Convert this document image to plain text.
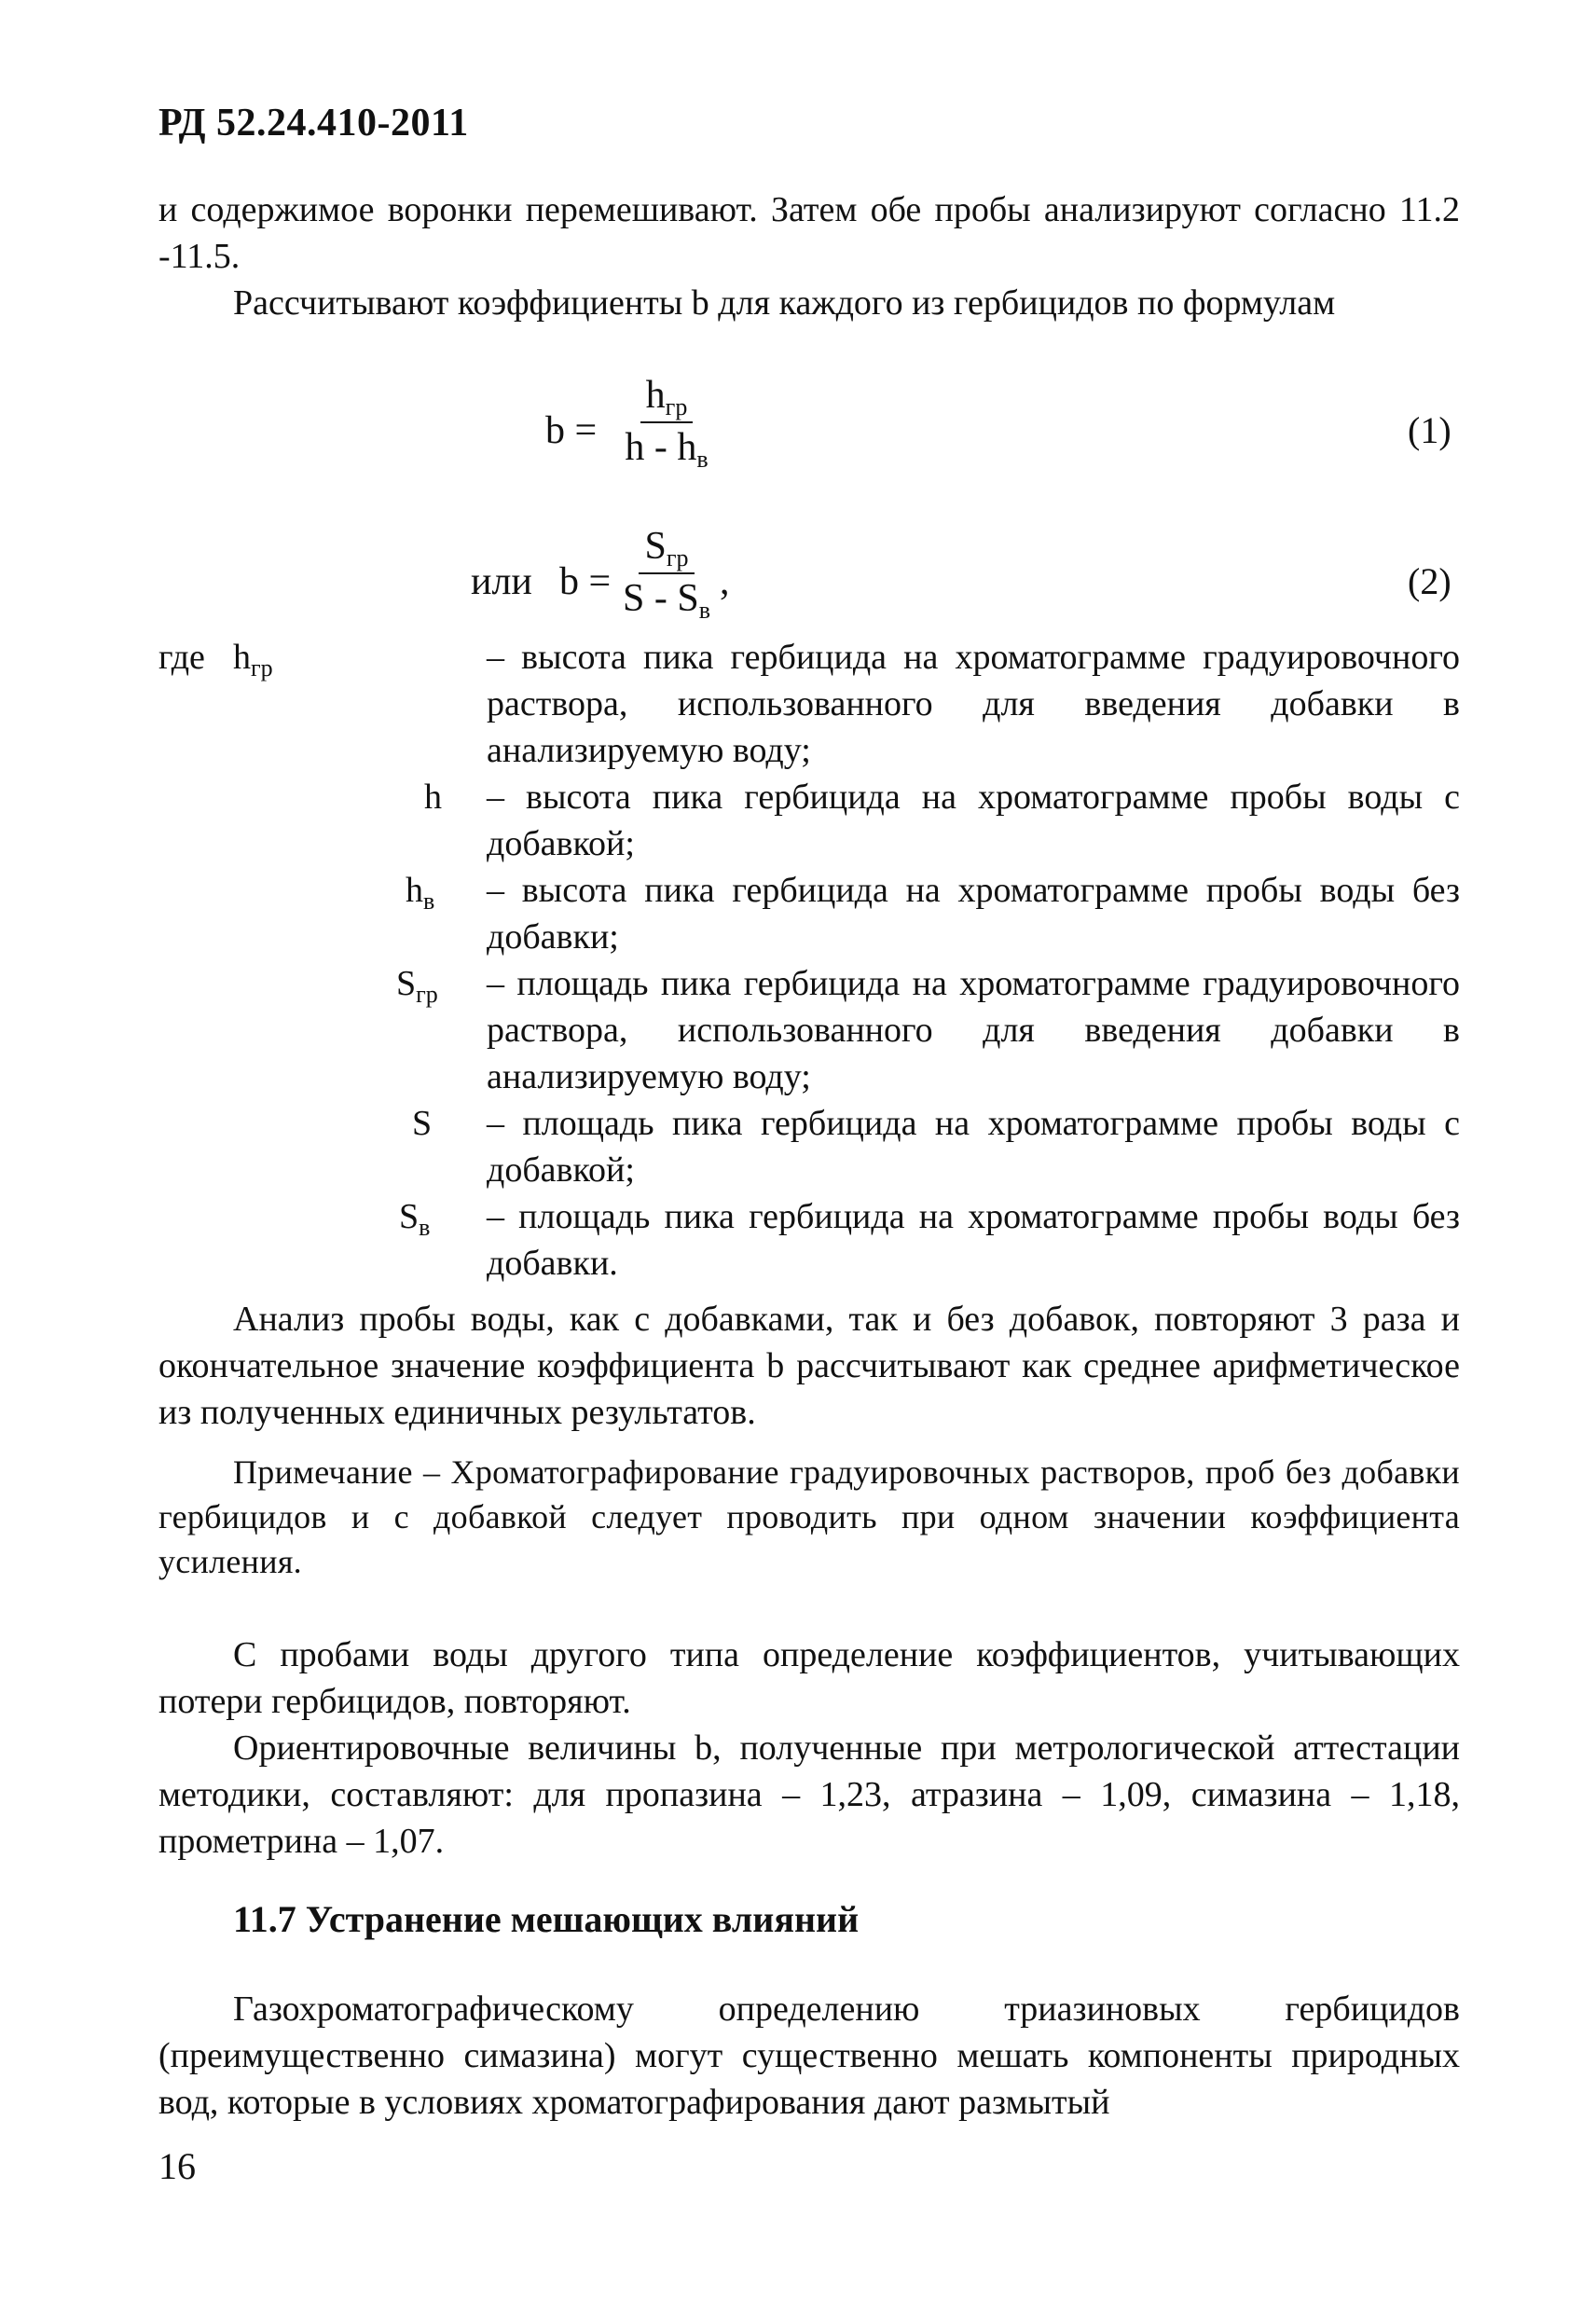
РД 52.24.410-2011
и содержимое воронки перемешивают. Затем обе пробы анализируют согласно 11.2 -11.5.
Рассчитывают коэффициенты b для каждого из гербицидов по формулам
b =
$h_{гр}$
h - $h_в$
(1)
или b =
$S_{гр}$
S - $S_в$
,	(2)
где $h_{гр}$	– высота пика гербицида на хроматограмме градуировочного раствора, использованного для введения добавки в анализируемую воду;
h	– высота пика гербицида на хроматограмме пробы воды с добавкой;
$h_в$	– высота пика гербицида на хроматограмме пробы воды без добавки;
$S_{гр}$	– площадь пика гербицида на хроматограмме градуировочного раствора, использованного для введения добавки в анализируемую воду;
S	– площадь пика гербицида на хроматограмме пробы воды с добавкой;
$S_в$	– площадь пика гербицида на хроматограмме пробы воды без добавки.
Анализ пробы воды, как с добавками, так и без добавок, повторяют 3 раза и окончательное значение коэффициента b рассчитывают как среднее арифметическое из полученных единичных результатов.
Примечание – Хроматографирование градуировочных растворов, проб без добавки гербицидов и с добавкой следует проводить при одном значении коэффициента усиления.
С пробами воды другого типа определение коэффициентов, учитывающих потери гербицидов, повторяют.
Ориентировочные величины b, полученные при метрологической аттестации методики, составляют: для пропазина – 1,23, атразина – 1,09, симазина – 1,18, прометрина – 1,07.
11.7 Устранение мешающих влияний
Газохроматографическому определению триазиновых гербицидов (преимущественно симазина) могут существенно мешать компоненты природных вод, которые в условиях хроматографирования дают размытый
16
